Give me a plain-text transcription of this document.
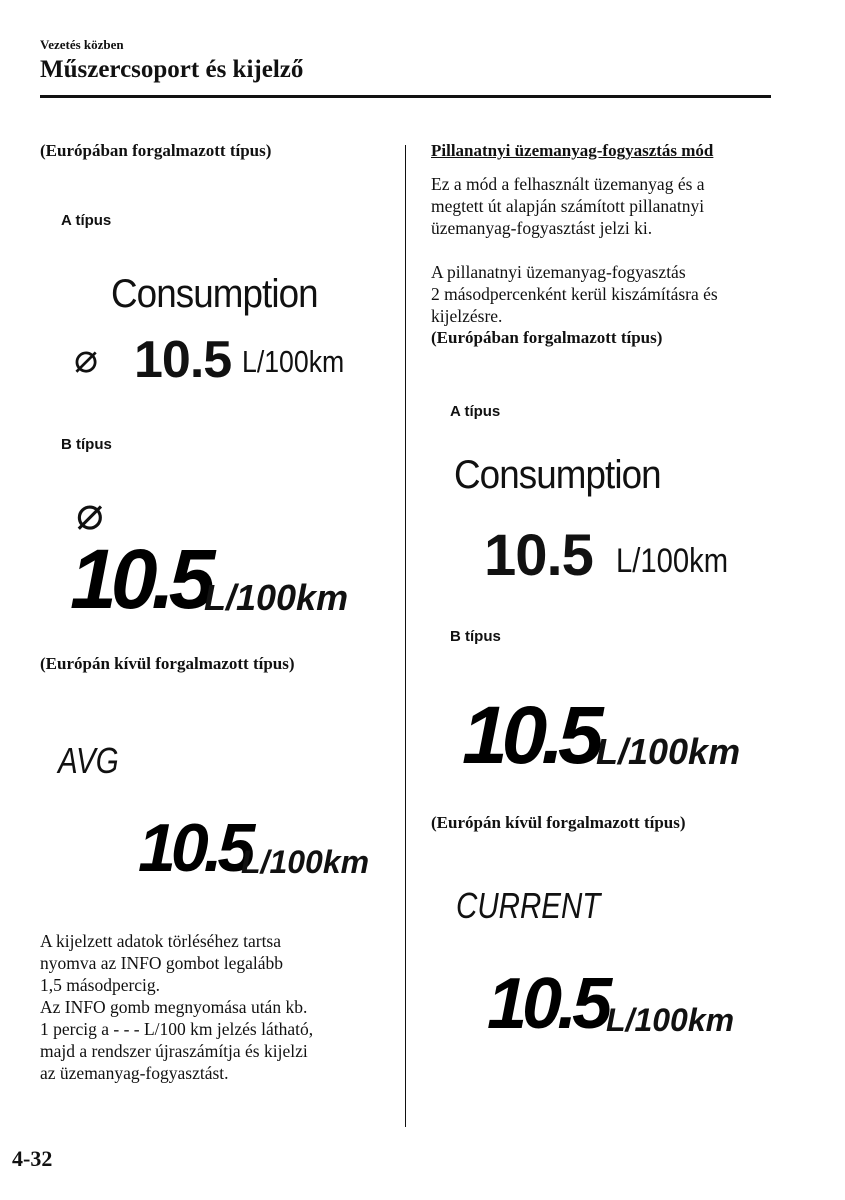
Vezetés közben
Műszercsoport és kijelző
(Európában forgalmazott típus)
A típus
Consumption
⌀ 10.5 L/100km
B típus
⌀
10.5
L/100km
(Európán kívül forgalmazott típus)
AVG
10.5
L/100km
A kijelzett adatok törléséhez tartsa
nyomva az INFO gombot legalább
1,5 másodpercig.
Az INFO gomb megnyomása után kb.
1 percig a - - - L/100 km jelzés látható,
majd a rendszer újraszámítja és kijelzi
az üzemanyag-fogyasztást.
Pillanatnyi üzemanyag-fogyasztás mód
Ez a mód a felhasznált üzemanyag és a
megtett út alapján számított pillanatnyi
üzemanyag-fogyasztást jelzi ki.
A pillanatnyi üzemanyag-fogyasztás
2 másodpercenként kerül kiszámításra és
kijelzésre.
(Európában forgalmazott típus)
A típus
Consumption
10.5 L/100km
B típus
10.5
L/100km
(Európán kívül forgalmazott típus)
CURRENT
10.5
L/100km
4-32
